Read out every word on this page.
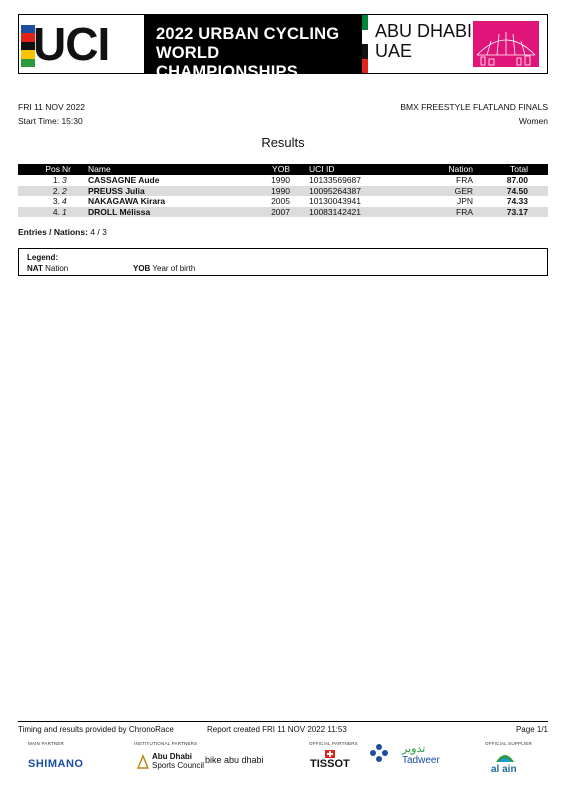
UCI	2022 URBAN CYCLING
WORLD CHAMPIONSHIPS
ABU DHABI
UAE
FRI 11 NOV 2022
Start Time: 15:30
BMX FREESTYLE FLATLAND FINALS
Women
Results
Pos Nr Name	YOB UCI ID	Nation	Total
1. 3	CASSAGNE Aude	1990 10133569687	FRA	87.00
2. 2	PREUSS Julia	1990 10095264387	GER	74.50
3. 4	NAKAGAWA Kirara	2005 10130043941	JPN	74.33
4. 1	DROLL Mélissa	2007 10083142421	FRA	73.17
Entries / Nations: 4 / 3
Legend:
NAT Nation	YOB Year of birth
Timing and results provided by ChronoRace	Report created FRI 11 NOV 2022 11:53	Page 1/1
MAIN PARTNER
SHIMANO
INSTITUTIONAL PARTNERS
Abu Dhabi
Sports Council
bike abu dhabi
OFFICIAL PARTNERS
TISSOT
ﺗﺪﻭﻳﺮ
Tadweer
OFFICIAL SUPPLIER
al ain
